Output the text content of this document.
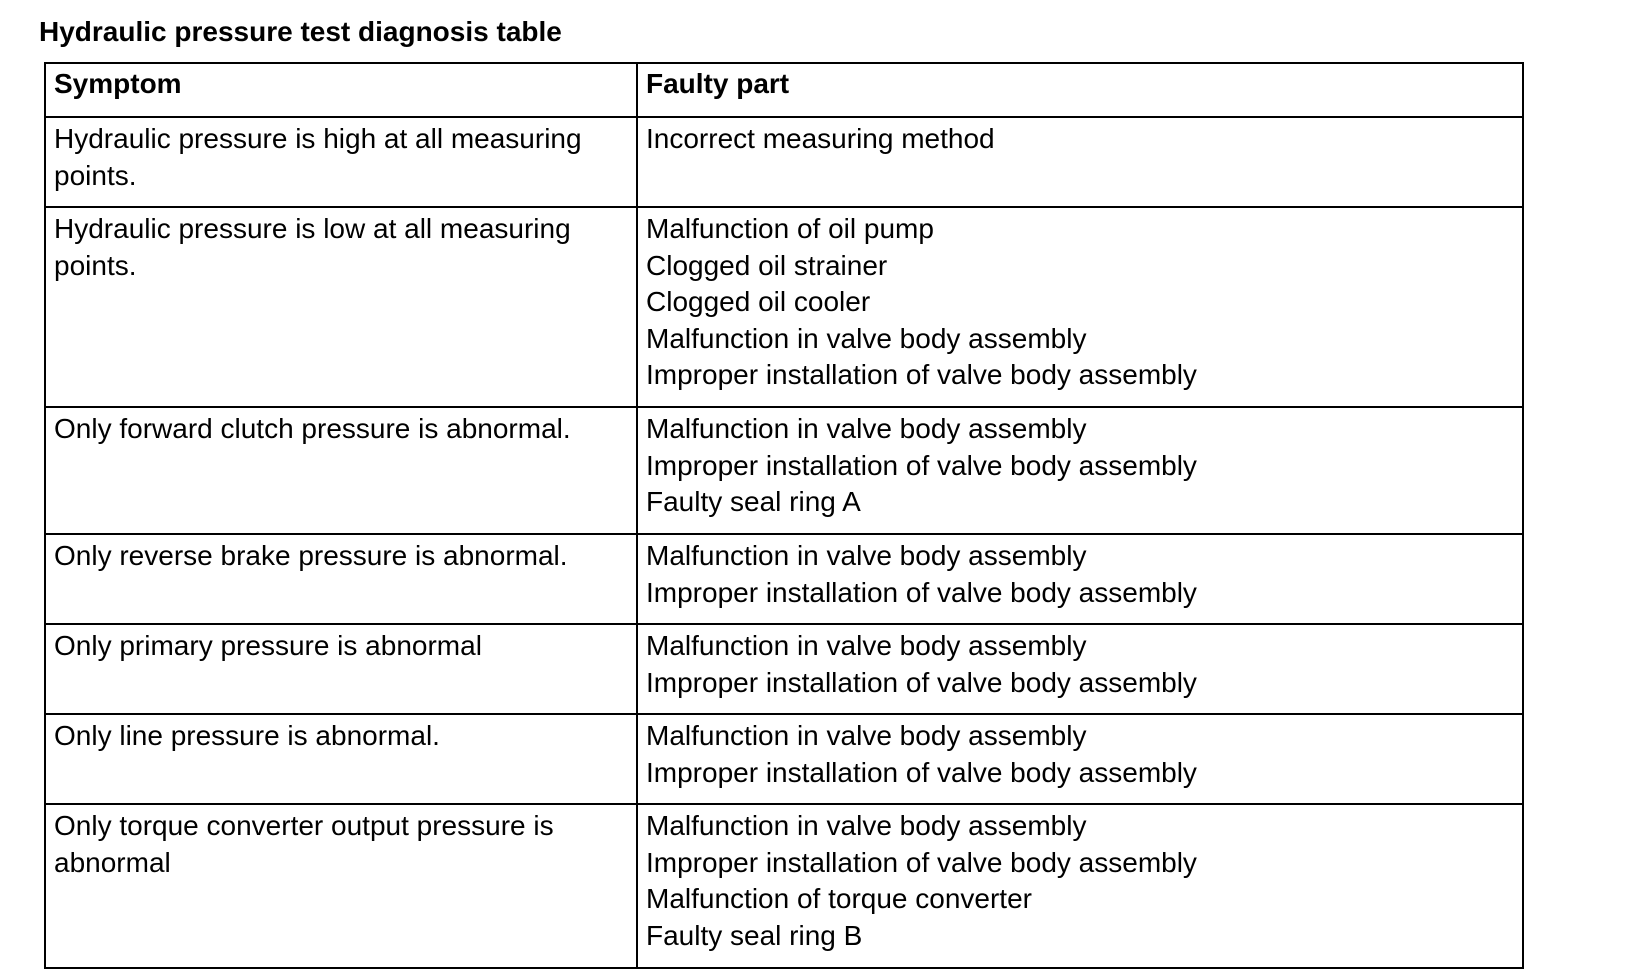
Hydraulic pressure test diagnosis table
Symptom	Faulty part
Hydraulic pressure is high at all measuring points.	Incorrect measuring method

Hydraulic pressure is low at all measuring points.	Malfunction of oil pump
Clogged oil strainer
Clogged oil cooler
Malfunction in valve body assembly
Improper installation of valve body assembly

Only forward clutch pressure is abnormal.	Malfunction in valve body assembly
Improper installation of valve body assembly
Faulty seal ring A

Only reverse brake pressure is abnormal.	Malfunction in valve body assembly
Improper installation of valve body assembly

Only primary pressure is abnormal	Malfunction in valve body assembly
Improper installation of valve body assembly

Only line pressure is abnormal.	Malfunction in valve body assembly
Improper installation of valve body assembly

Only torque converter output pressure is abnormal	Malfunction in valve body assembly
Improper installation of valve body assembly
Malfunction of torque converter
Faulty seal ring B
